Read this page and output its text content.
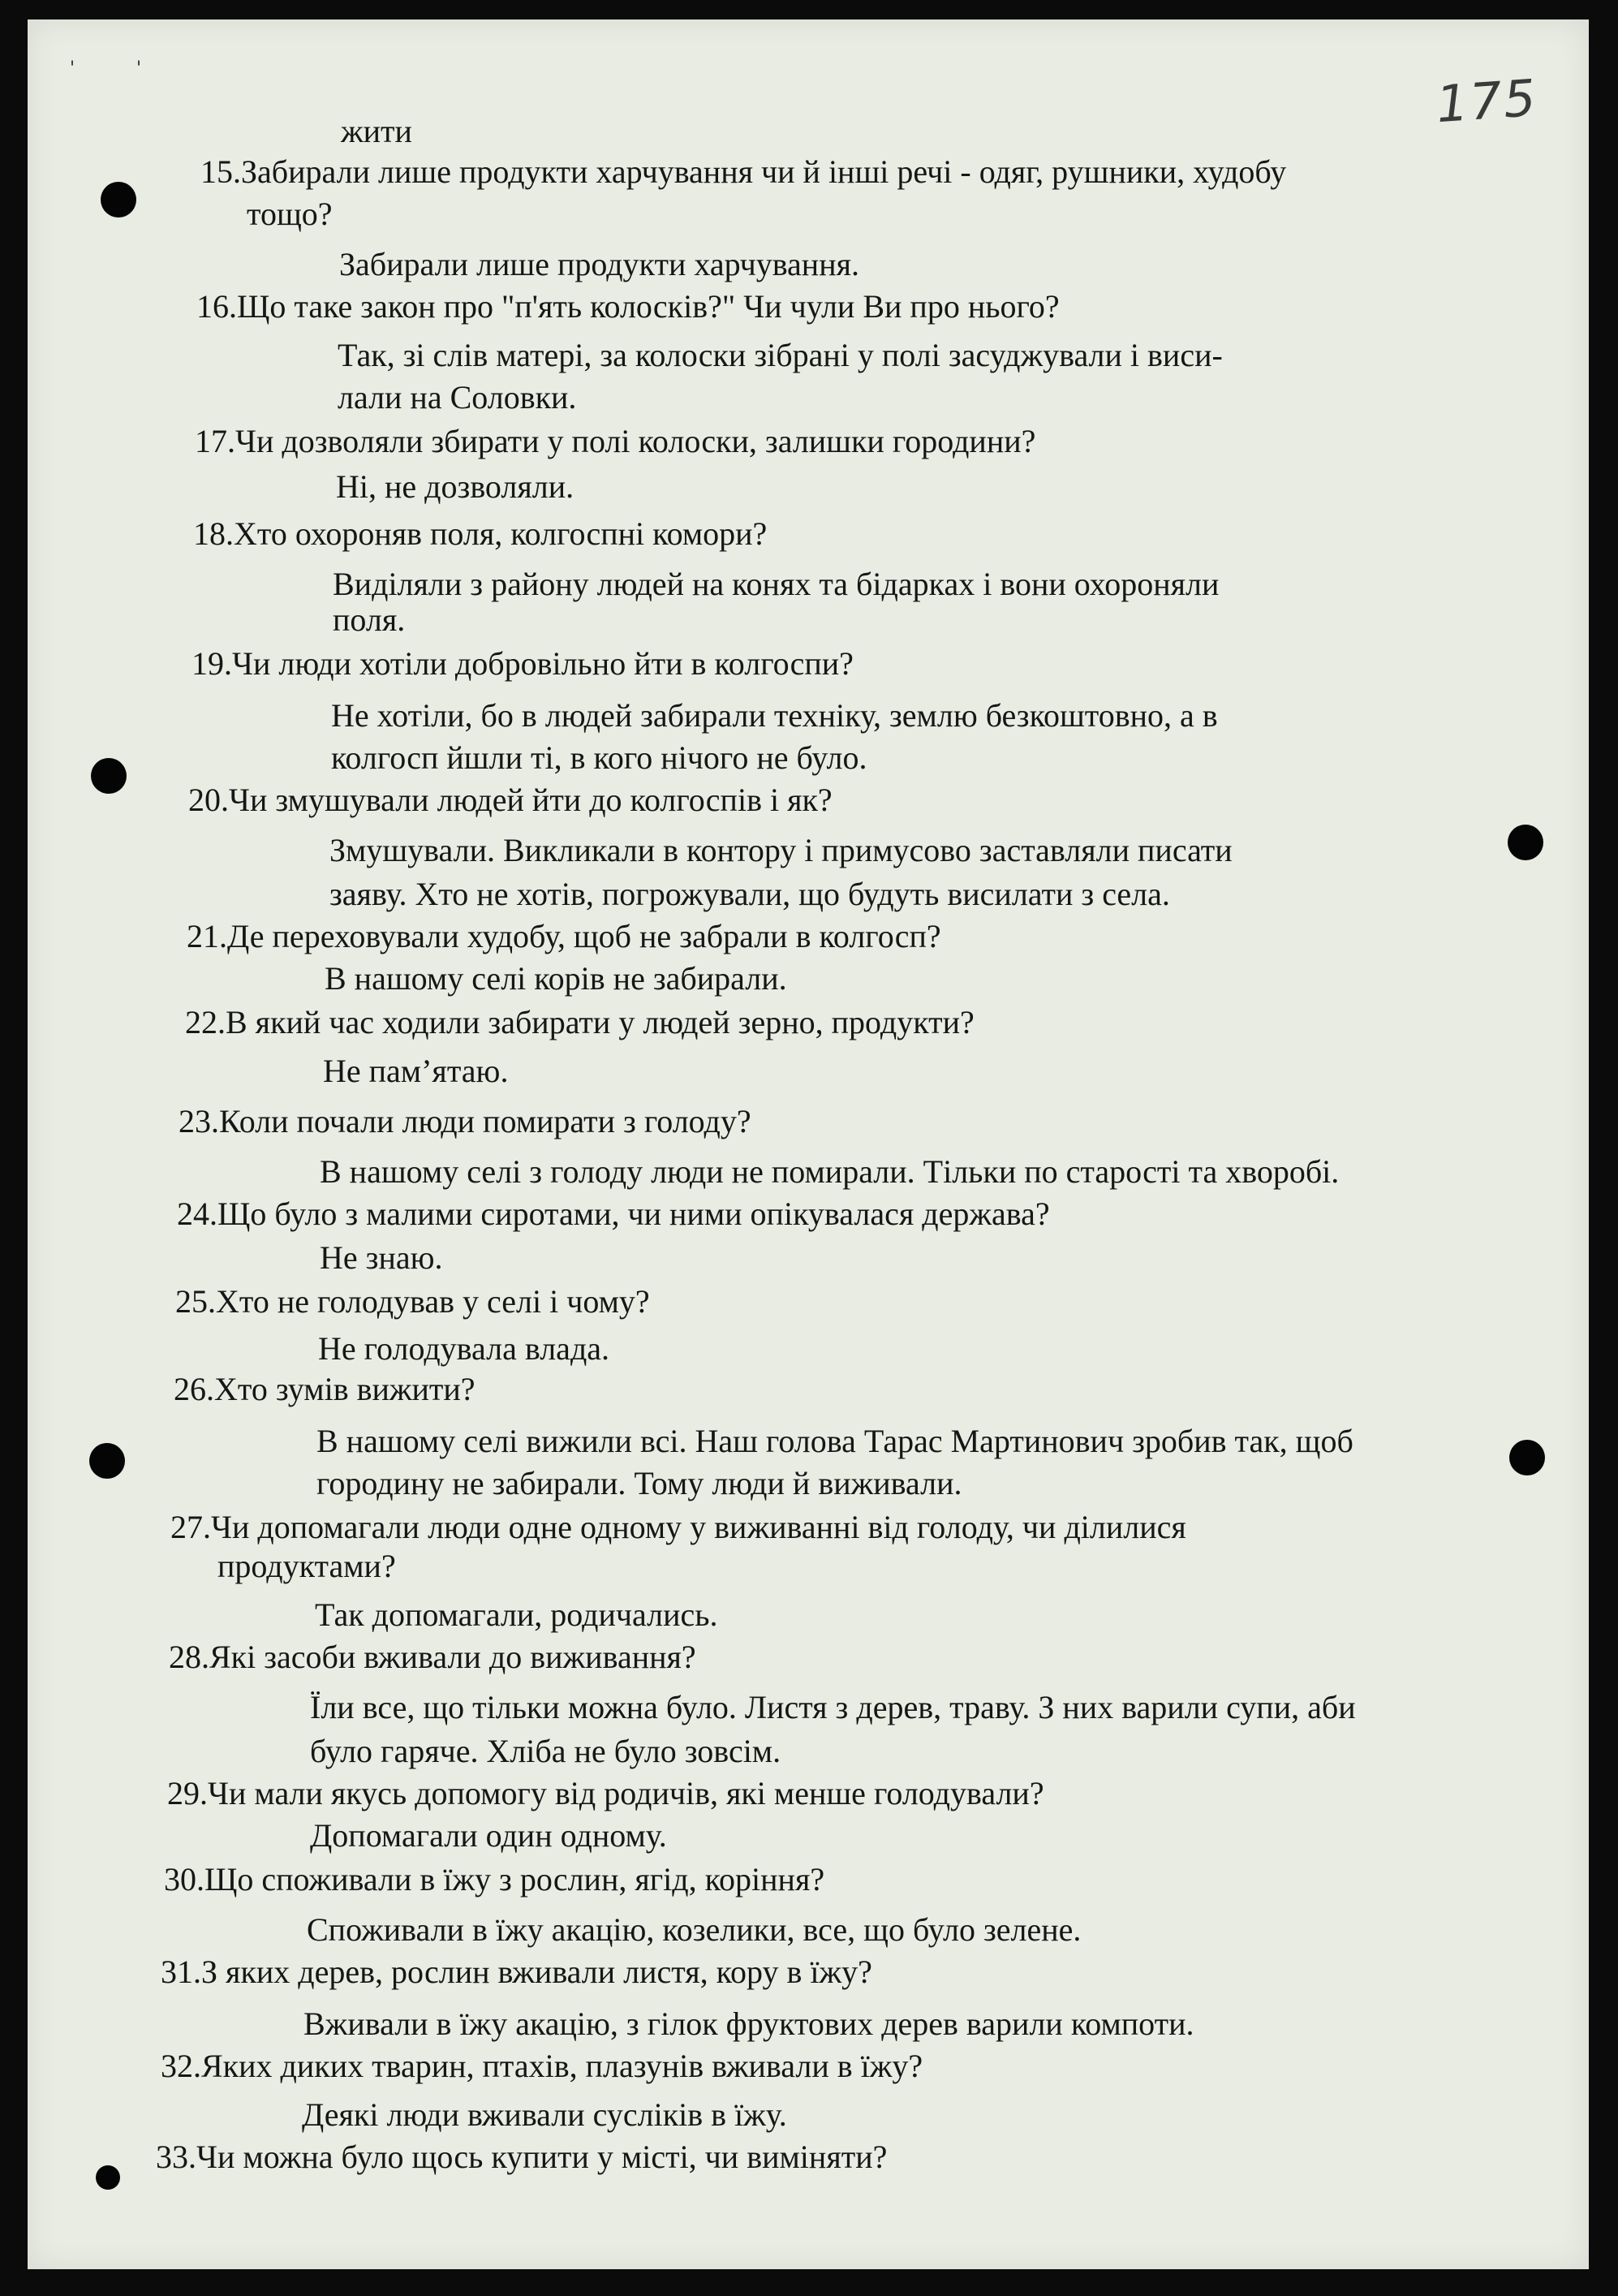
'	'	175
жити
15.Забирали лише продукти харчування чи й інші речі - одяг, рушники, худобу
тощо?
Забирали лише продукти харчування.
16.Що таке закон про "п'ять колосків?" Чи чули Ви про нього?
Так, зі слів матері, за колоски зібрані у полі засуджували і виси-
лали на Соловки.
17.Чи дозволяли збирати у полі колоски, залишки городини?
Ні, не дозволяли.
18.Хто охороняв поля, колгоспні комори?
Виділяли з району людей на конях та бідарках і вони охороняли
поля.
19.Чи люди хотіли добровільно йти в колгоспи?
Не хотіли, бо в людей забирали техніку, землю безкоштовно, а в
колгосп йшли ті, в кого нічого не було.
20.Чи змушували людей йти до колгоспів і як?
Змушували. Викликали в контору і примусово заставляли писати
заяву. Хто не хотів, погрожували, що будуть висилати з села.
21.Де переховували худобу, щоб не забрали в колгосп?
В нашому селі корів не забирали.
22.В який час ходили забирати у людей зерно, продукти?
Не пам’ятаю.
23.Коли почали люди помирати з голоду?
В нашому селі з голоду люди не помирали. Тільки по старості та хворобі.
24.Що було з малими сиротами, чи ними опікувалася держава?
Не знаю.
25.Хто не голодував у селі і чому?
Не голодувала влада.
26.Хто зумів вижити?
В нашому селі вижили всі. Наш голова Тарас Мартинович зробив так, щоб
городину не забирали. Тому люди й виживали.
27.Чи допомагали люди одне одному у виживанні від голоду, чи ділилися
продуктами?
Так допомагали, родичались.
28.Які засоби вживали до виживання?
Їли все, що тільки можна було. Листя з дерев, траву. З них варили супи, аби
було гаряче. Хліба не було зовсім.
29.Чи мали якусь допомогу від родичів, які менше голодували?
Допомагали один одному.
30.Що споживали в їжу з рослин, ягід, коріння?
Споживали в їжу акацію, козелики, все, що було зелене.
31.З яких дерев, рослин вживали листя, кору в їжу?
Вживали в їжу акацію, з гілок фруктових дерев варили компоти.
32.Яких диких тварин, птахів, плазунів вживали в їжу?
Деякі люди вживали сусліків в їжу.
33.Чи можна було щось купити у місті, чи виміняти?
